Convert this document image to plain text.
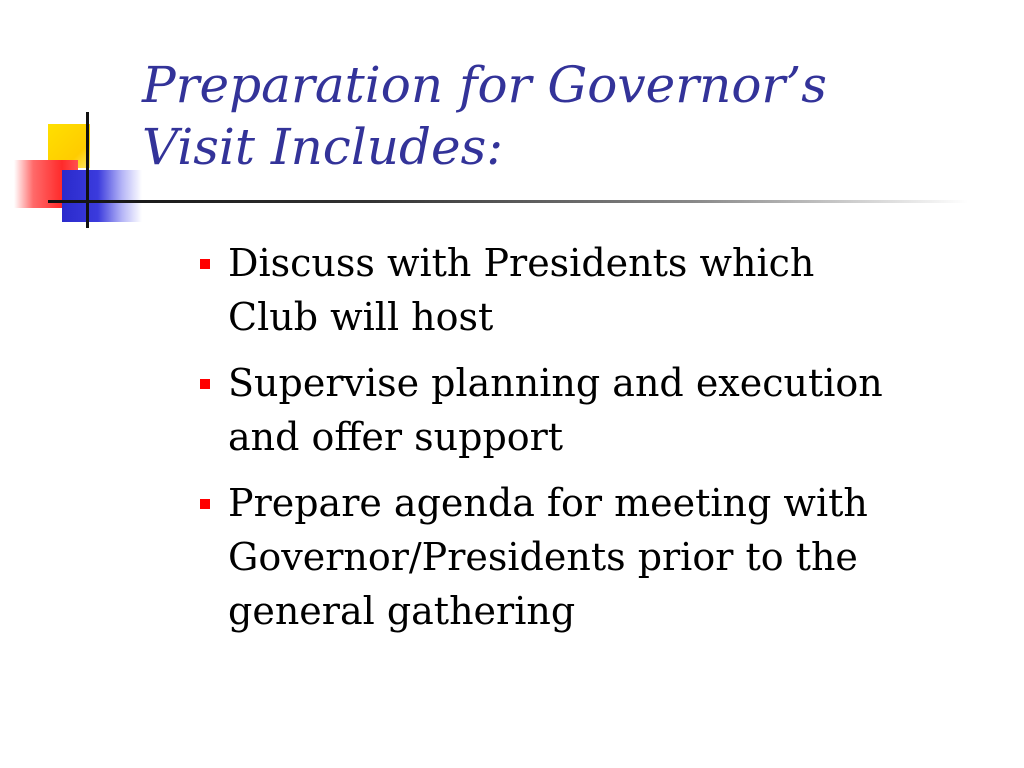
Preparation for Governor’s
Visit Includes:
Discuss with Presidents which
Club will host
Supervise planning and execution
and offer support
Prepare agenda for meeting with
Governor/Presidents prior to the
general gathering
